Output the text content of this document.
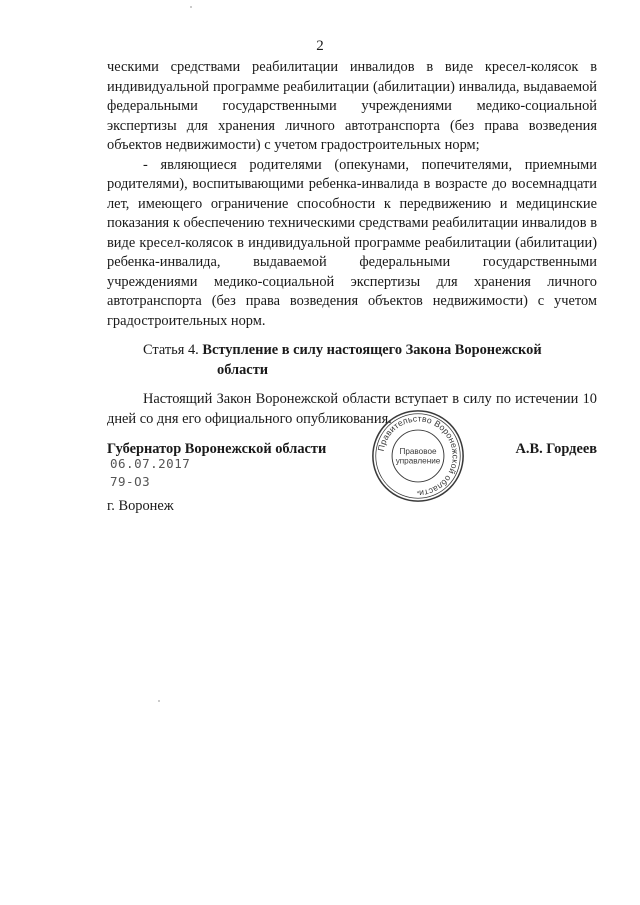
2

ческими средствами реабилитации инвалидов в виде кресел-колясок в индивидуальной программе реабилитации (абилитации) инвалида, выдаваемой федеральными государственными учреждениями медико-социальной экспертизы для хранения личного автотранспорта (без права возведения объектов недвижимости) с учетом градостроительных норм;

- являющиеся родителями (опекунами, попечителями, приемными родителями), воспитывающими ребенка-инвалида в возрасте до восемнадцати лет, имеющего ограничение способности к передвижению и медицинские показания к обеспечению техническими средствами реабилитации инвалидов в виде кресел-колясок в индивидуальной программе реабилитации (абилитации) ребенка-инвалида, выдаваемой федеральными государственными учреждениями медико-социальной экспертизы для хранения личного автотранспорта (без права возведения объектов недвижимости) с учетом градостроительных норм.

Статья 4. Вступление в силу настоящего Закона Воронежской
области

Настоящий Закон Воронежской области вступает в силу по истечении 10 дней со дня его официального опубликования.

Губернатор Воронежской области	А.В. Гордеев
06.07.2017
79-ОЗ
г. Воронеж
Правительство Воронежской области
Правовое
управление
*
